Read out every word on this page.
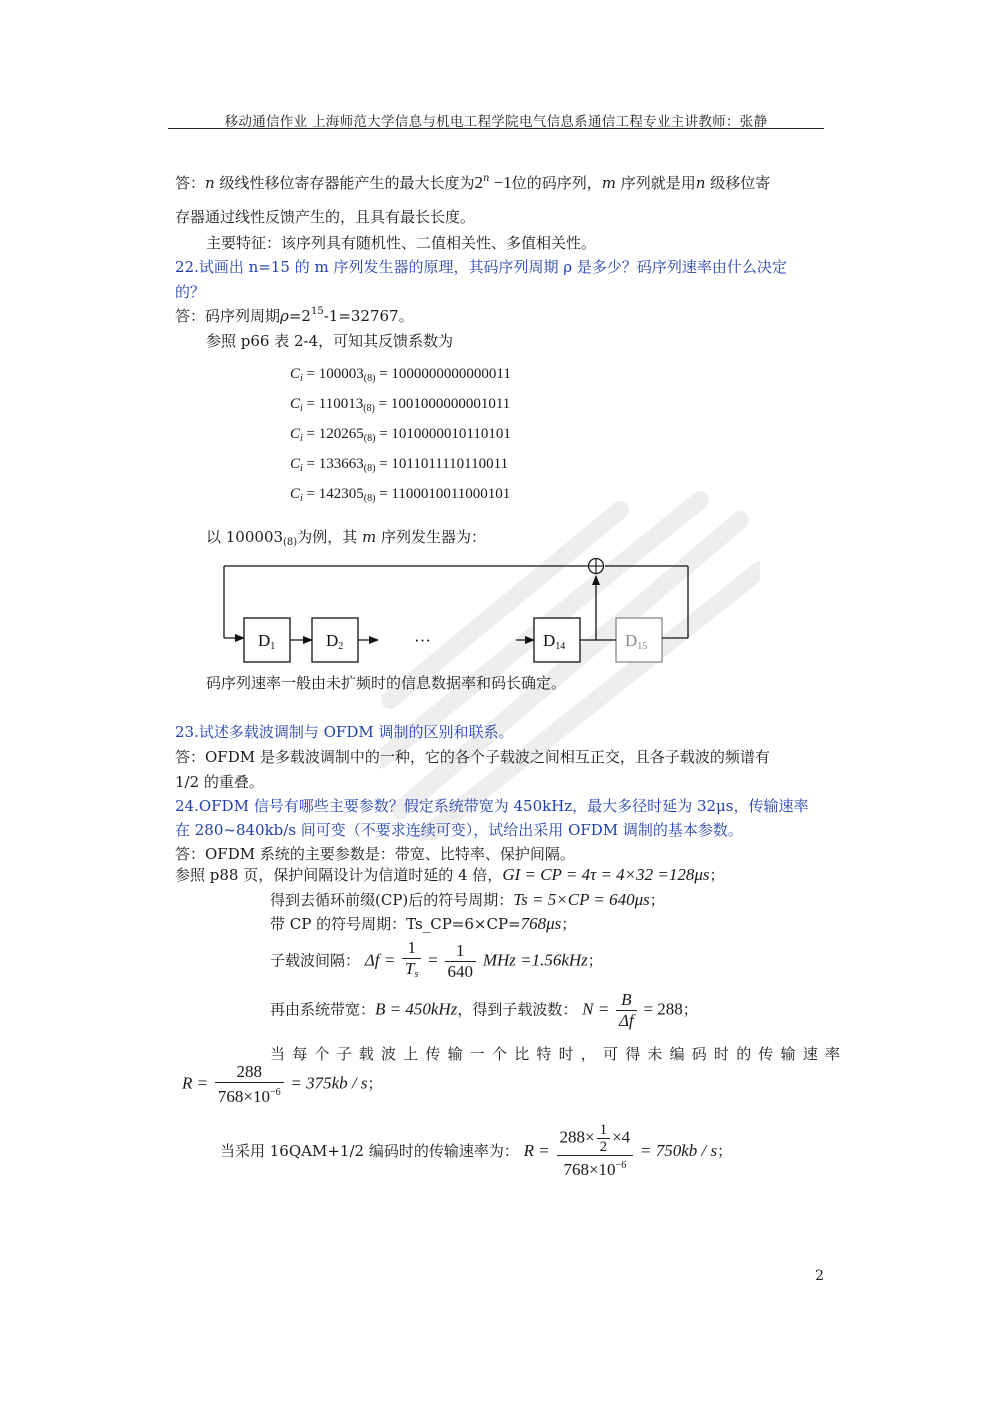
移动通信作业 上海师范大学信息与机电工程学院电气信息系通信工程专业主讲教师：张静
答：n 级线性移位寄存器能产生的最大长度为$2^n -1$位的码序列，m 序列就是用n 级移位寄
存器通过线性反馈产生的，且具有最长长度。
主要特征：该序列具有随机性、二值相关性、多值相关性。
22.试画出 n=15 的 m 序列发生器的原理，其码序列周期 ρ 是多少？码序列速率由什么决定
的？
答：码序列周期$\rho=2^{15}-1=32767$。
参照 p66 表 2-4，可知其反馈系数为
$C_i = 100003_{(8)} = 1000000000000011$
$C_i = 110013_{(8)} = 1001000000001011$
$C_i = 120265_{(8)} = 1010000010110101$
$C_i = 133663_{(8)} = 1011011110110011$
$C_i = 142305_{(8)} = 1100010011000101$
以 $100003_{(8)}$为例，其 m 序列发生器为：
D1	D2	D14	D15
···
码序列速率一般由未扩频时的信息数据率和码长确定。
23.试述多载波调制与 OFDM 调制的区别和联系。
答：OFDM 是多载波调制中的一种，它的各个子载波之间相互正交，且各子载波的频谱有
1/2 的重叠。
24.OFDM 信号有哪些主要参数？假定系统带宽为 450kHz，最大多径时延为 32μs，传输速率
在 280~840kb/s 间可变（不要求连续可变），试给出采用 OFDM 调制的基本参数。
答：OFDM 系统的主要参数是：带宽、比特率、保护间隔。
参照 p88 页，保护间隔设计为信道时延的 4 倍，GI = CP = 4τ = 4×32 =128μs；
得到去循环前缀(CP)后的符号周期：Ts = 5×CP = 640μs；
带 CP 的符号周期：Ts_CP=6×CP=768μs；
子载波间隔： $\Delta f = \frac{1}{T_s} = \frac{1}{640}$ MHz =1.56kHz；
再由系统带宽：B = 450kHz，得到子载波数： $N = \frac{B}{\Delta f} = 288$；
当每个子载波上传输一个比特时，可得未编码时的传输速率
$R = \frac{288}{768\times 10^{-6}} = 375kb / s$；
当采用 16QAM+1/2 编码时的传输速率为： $R = \frac{288\times \frac{1}{2} \times 4}{768\times 10^{-6}} = 750kb / s$；
2
